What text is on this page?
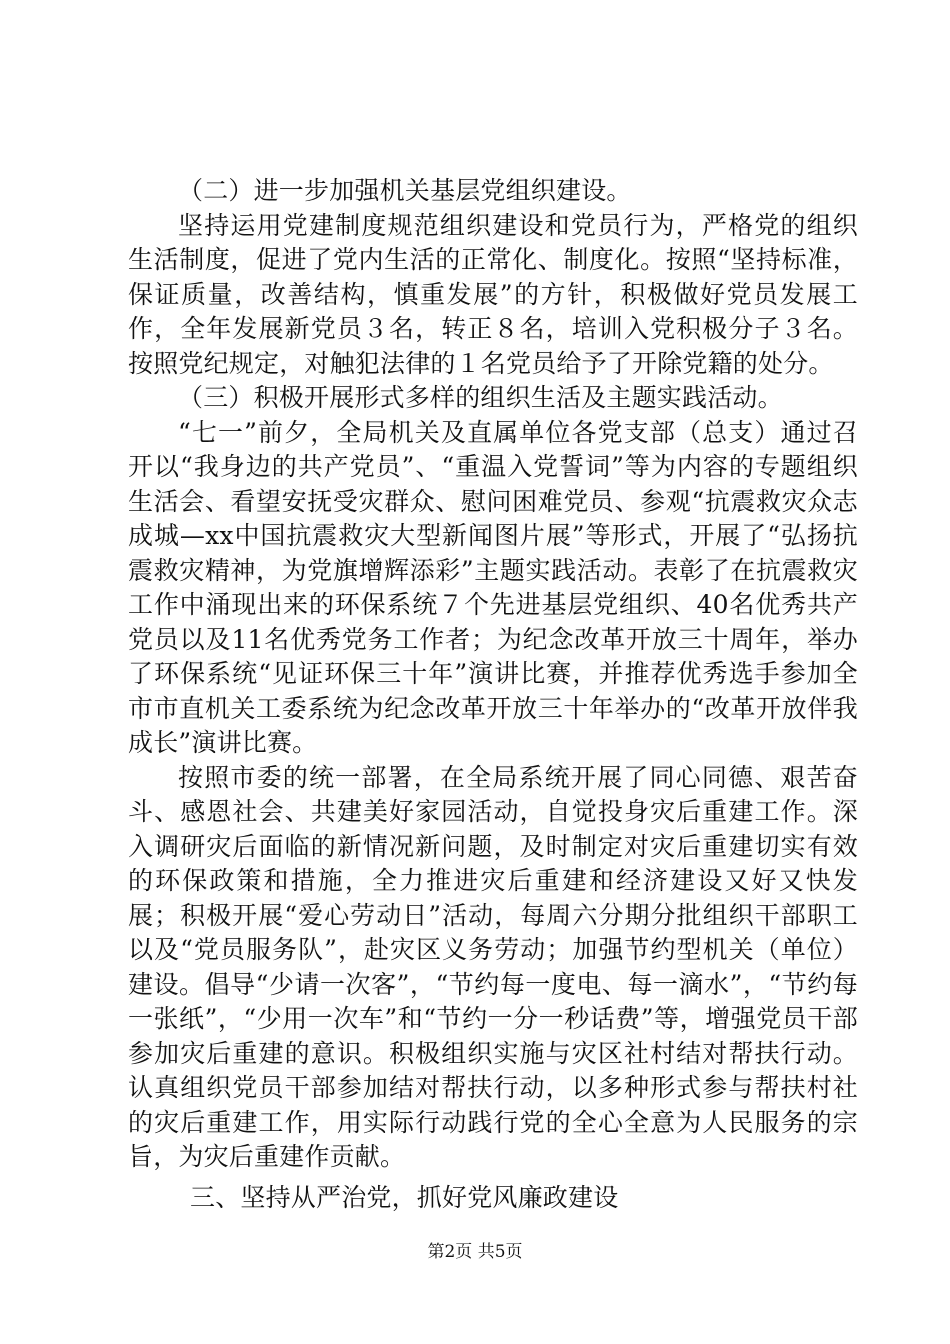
（二）进一步加强机关基层党组织建设。

坚持运用党建制度规范组织建设和党员行为，严格党的组织生活制度，促进了党内生活的正常化、制度化。按照“坚持标准，保证质量，改善结构，慎重发展”的方针，积极做好党员发展工作，全年发展新党员３名，转正８名，培训入党积极分子３名。按照党纪规定，对触犯法律的１名党员给予了开除党籍的处分。

（三）积极开展形式多样的组织生活及主题实践活动。

“七一”前夕，全局机关及直属单位各党支部（总支）通过召开以“我身边的共产党员”、“重温入党誓词”等为内容的专题组织生活会、看望安抚受灾群众、慰问困难党员、参观“抗震救灾众志成城—xx中国抗震救灾大型新闻图片展”等形式，开展了“弘扬抗震救灾精神，为党旗增辉添彩”主题实践活动。表彰了在抗震救灾工作中涌现出来的环保系统７个先进基层党组织、40名优秀共产党员以及11名优秀党务工作者；为纪念改革开放三十周年，举办了环保系统“见证环保三十年”演讲比赛，并推荐优秀选手参加全市市直机关工委系统为纪念改革开放三十年举办的“改革开放伴我成长”演讲比赛。

按照市委的统一部署，在全局系统开展了同心同德、艰苦奋斗、感恩社会、共建美好家园活动，自觉投身灾后重建工作。深入调研灾后面临的新情况新问题，及时制定对灾后重建切实有效的环保政策和措施，全力推进灾后重建和经济建设又好又快发展；积极开展“爱心劳动日”活动，每周六分期分批组织干部职工以及“党员服务队”，赴灾区义务劳动；加强节约型机关（单位）建设。倡导“少请一次客”，“节约每一度电、每一滴水”，“节约每一张纸”，“少用一次车”和“节约一分一秒话费”等，增强党员干部参加灾后重建的意识。积极组织实施与灾区社村结对帮扶行动。认真组织党员干部参加结对帮扶行动，以多种形式参与帮扶村社的灾后重建工作，用实际行动践行党的全心全意为人民服务的宗旨，为灾后重建作贡献。

三、坚持从严治党，抓好党风廉政建设

第2页 共5页
